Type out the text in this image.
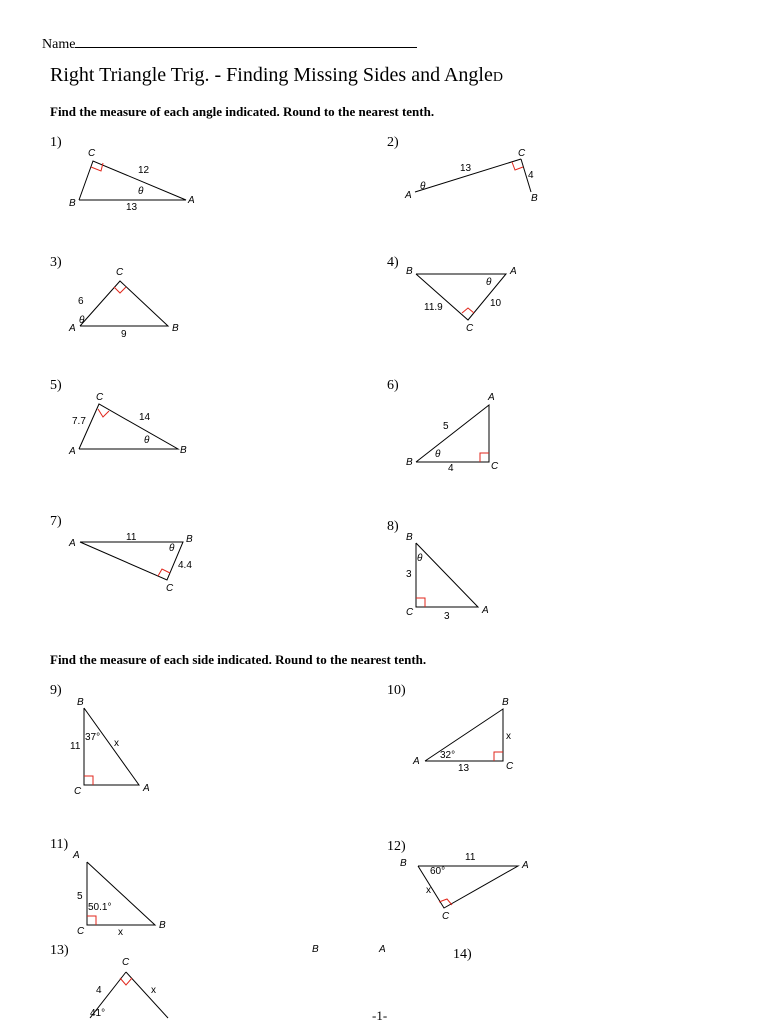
Name
Right Triangle Trig. - Finding Missing Sides and AngleD
Find the measure of each angle indicated. Round to the nearest tenth.
1)
C
B	A
12
13
θ
2)
C
A	B
13
4
θ
3)
C
A	B
6
9
θ
4)
B	A
C
11.9	10
θ
5)
C
A	B
7.7	14
θ
6)
A
B	C
5
4
θ
7)
A	B
C
11
4.4
θ
8)
B
C	A
3
3
θ
Find the measure of each side indicated. Round to the nearest tenth.
9)
B
C	A
11
37°
x
10)
B
A	C
32°
13
x
11)
A
C
B
5
50.1°
x
12)
B	A
C
60°
11
x
B	A
13)
C
4	x
41°
14)
-1-
